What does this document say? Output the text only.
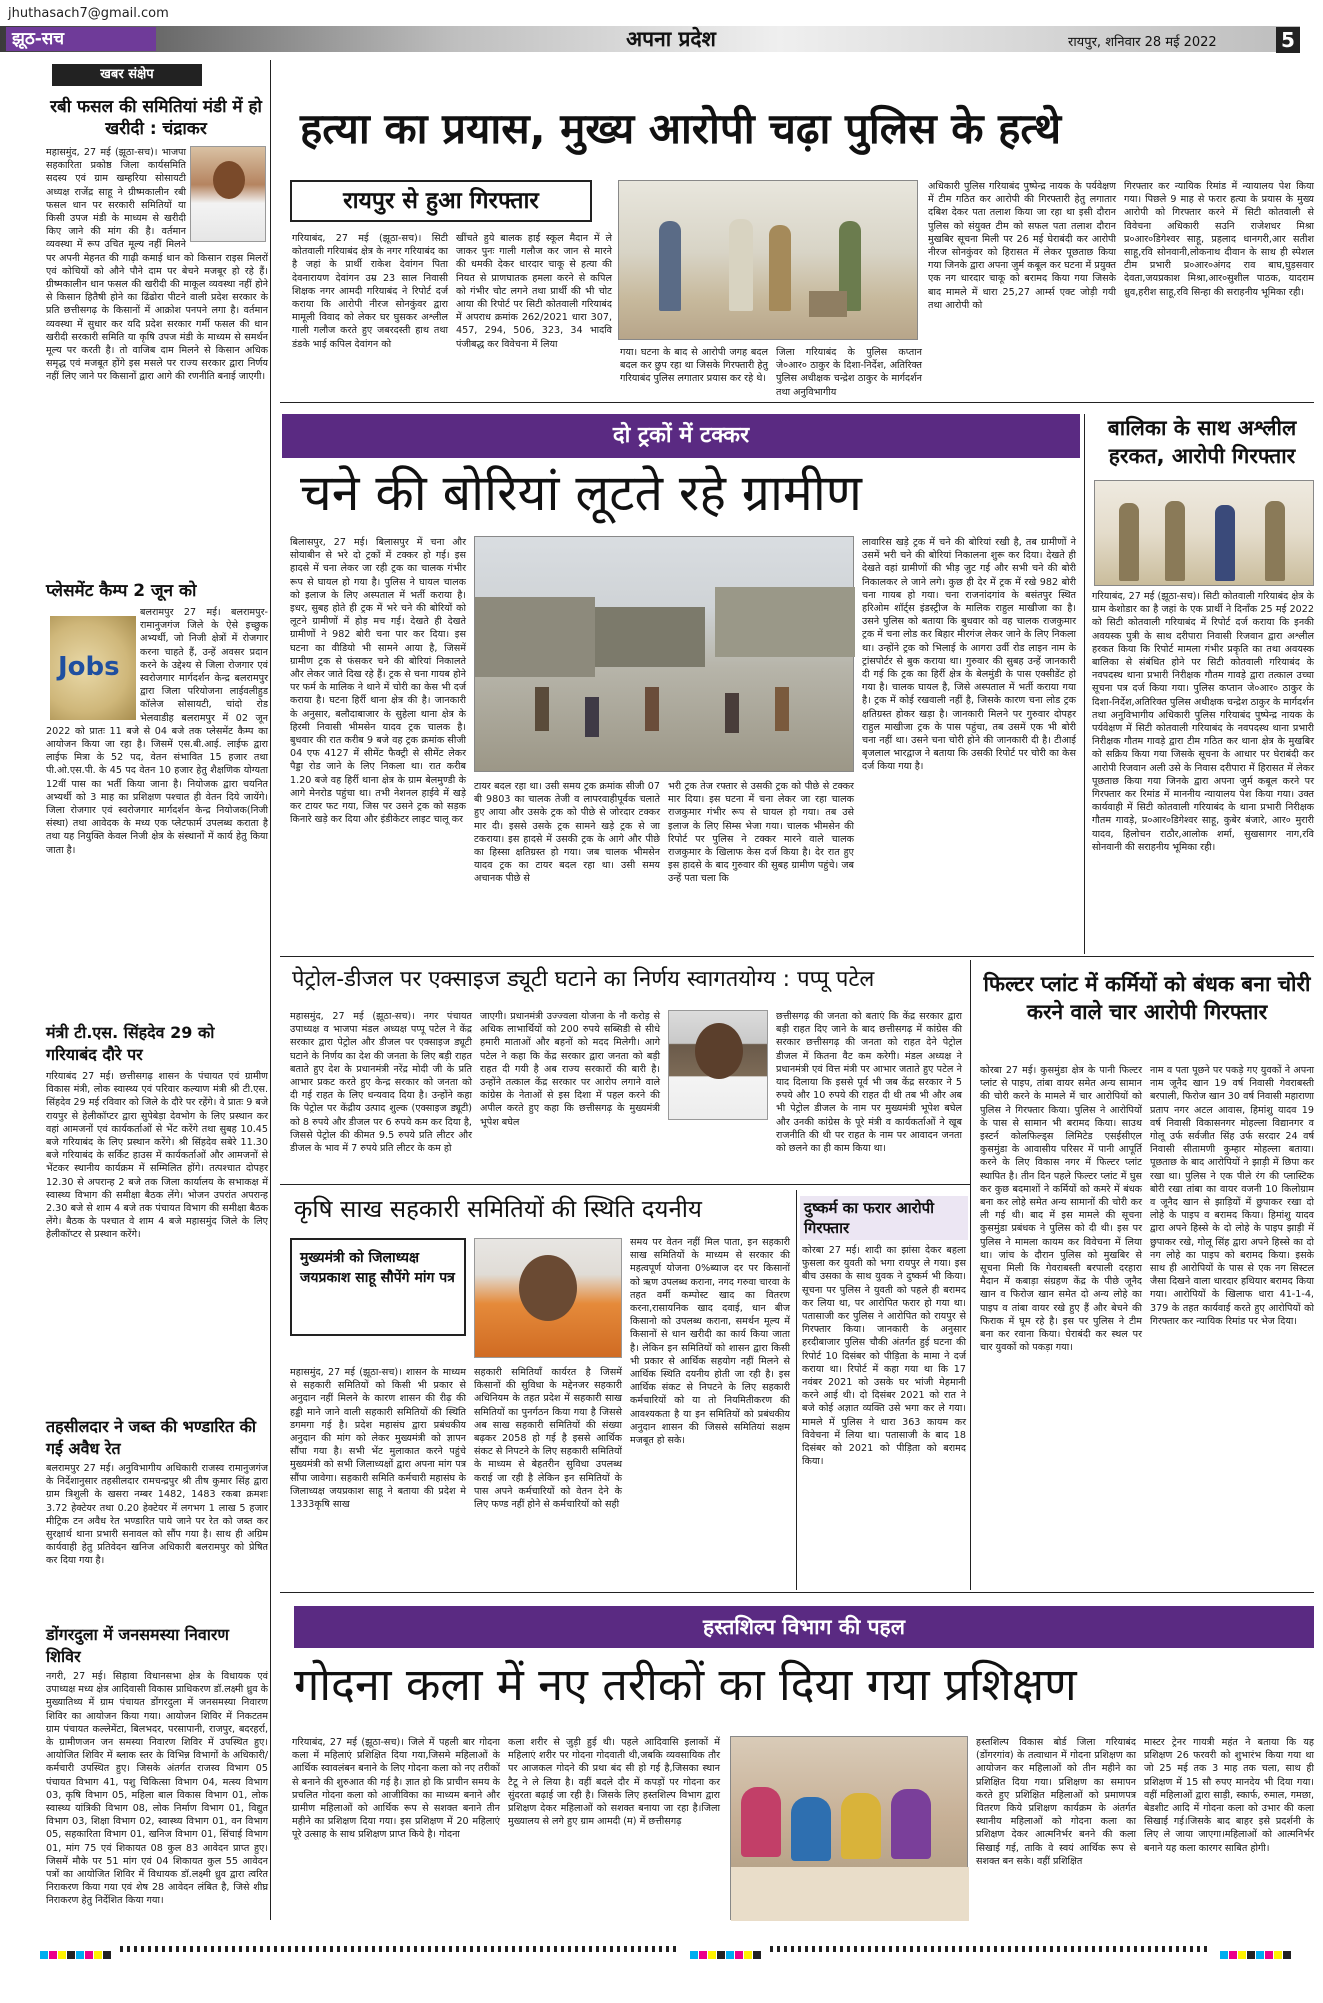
jhuthasach7@gmail.com
झूठ-सच	अपना प्रदेश	रायपुर, शनिवार 28 मई 2022	5
खबर संक्षेप
रबी फसल की समितियां मंडी में हो खरीदी : चंद्राकर
महासमुंद, 27 मई (झूठा-सच)। भाजपा सहकारिता प्रकोष्ठ जिला कार्यसमिति सदस्य एवं ग्राम खम्हरिया सोसायटी अध्यक्ष राजेंद्र साहू ने ग्रीष्मकालीन रबी फसल धान पर सरकारी समितियों या किसी उपज मंडी के माध्यम से खरीदी किए जाने की मांग की है। वर्तमान व्यवस्था में रूप उचित मूल्य नहीं मिलने पर अपनी मेहनत की गाढ़ी कमाई धान को किसान राइस मिलरों एवं कोचियों को औने पौने दाम पर बेचने मजबूर हो रहे हैं। ग्रीष्मकालीन धान फसल की खरीदी की माकूल व्यवस्था नहीं होने से किसान हितैषी होने का ढिंढोरा पीटने वाली प्रदेश सरकार के प्रति छत्तीसगढ़ के किसानों में आक्रोश पनपने लगा है। वर्तमान व्यवस्था में सुधार कर यदि प्रदेश सरकार गर्मी फसल की धान खरीदी सरकारी समिति या कृषि उपज मंडी के माध्यम से समर्थन मूल्य पर करती है। तो वाजिब दाम मिलने से किसान अधिक समृद्ध एवं मजबूत होंगे इस मसले पर राज्य सरकार द्वारा निर्णय नहीं लिए जाने पर किसानों द्वारा आगे की रणनीति बनाई जाएगी।
प्लेसमेंट कैम्प 2 जून को
Jobs
बलरामपुर 27 मई। बलरामपुर-रामानुजगंज जिले के ऐसे इच्छुक अभ्यर्थी, जो निजी क्षेत्रों में रोजगार करना चाहते हैं, उन्हें अवसर प्रदान करने के उद्देश्य से जिला रोजगार एवं स्वरोजगार मार्गदर्शन केन्द्र बलरामपुर द्वारा जिला परियोजना लाईवलीहुड कॉलेज सोसायटी, चांदो रोड भेलवाडीह बलरामपुर में 02 जून 2022 को प्रातः 11 बजे से 04 बजे तक प्लेसमेंट कैम्प का आयोजन किया जा रहा है। जिसमें एस.बी.आई. लाईफ द्वारा लाईफ मित्रा के 52 पद, वेतन संभावित 15 हजार तथा पी.ओ.एस.पी. के 45 पद वेतन 10 हजार हेतु शैक्षणिक योग्यता 12वीं पास का भर्ती किया जाना है। नियोजक द्वारा चयनित अभ्यर्थी को 3 माह का प्रशिक्षण पश्चात ही वेतन दिये जायेंगे। जिला रोजगार एवं स्वरोजगार मार्गदर्शन केन्द्र नियोजक(निजी संस्था) तथा आवेदक के मध्य एक प्लेटफार्म उपलब्ध कराता है तथा यह नियुक्ति केवल निजी क्षेत्र के संस्थानों में कार्य हेतु किया जाता है।
मंत्री टी.एस. सिंहदेव 29 को गरियाबंद दौरे पर
गरियाबंद 27 मई। छत्तीसगढ़ शासन के पंचायत एवं ग्रामीण विकास मंत्री, लोक स्वास्थ्य एवं परिवार कल्याण मंत्री श्री टी.एस. सिंहदेव 29 मई रविवार को जिले के दौरे पर रहेंगे। वे प्रातः 9 बजे रायपुर से हेलीकॉप्टर द्वारा सुपेबेड़ा देवभोग के लिए प्रस्थान कर वहां आमजनों एवं कार्यकर्ताओं से भेंट करेंगे तथा सुबह 10.45 बजे गरियाबंद के लिए प्रस्थान करेंगे। श्री सिंहदेव सबेरे 11.30 बजे गरियाबंद के सर्किट हाउस में कार्यकर्ताओं और आमजनों से भेंटकर स्थानीय कार्यक्रम में सम्मिलित होंगे। तत्पश्चात दोपहर 12.30 से अपरान्ह 2 बजे तक जिला कार्यालय के सभाकक्ष में स्वास्थ्य विभाग की समीक्षा बैठक लेंगे। भोजन उपरांत अपरान्ह 2.30 बजे से शाम 4 बजे तक पंचायत विभाग की समीक्षा बैठक लेंगे। बैठक के पश्चात वे शाम 4 बजे महासमुंद जिले के लिए हेलीकॉप्टर से प्रस्थान करेंगे।
तहसीलदार ने जब्त की भण्डारित की गई अवैध रेत
बलरामपुर 27 मई। अनुविभागीय अधिकारी राजस्व रामानुजगंज के निर्देशानुसार तहसीलदार रामचन्द्रपुर श्री तीष कुमार सिंह द्वारा ग्राम त्रिशुली के खसरा नम्बर 1482, 1483 रकबा क्रमशः 3.72 हेक्टेयर तथा 0.20 हेक्टेयर में लगभग 1 लाख 5 हजार मीट्रिक टन अवैध रेत भण्डारित पाये जाने पर रेत को जब्त कर सुरक्षार्थ थाना प्रभारी सनावल को सौंप गया है। साथ ही अग्रिम कार्यवाही हेतु प्रतिवेदन खनिज अधिकारी बलरामपुर को प्रेषित कर दिया गया है।
डोंगरदुला में जनसमस्या निवारण शिविर
नगरी, 27 मई। सिहावा विधानसभा क्षेत्र के विधायक एवं उपाध्यक्ष मध्य क्षेत्र आदिवासी विकास प्राधिकरण डॉ.लक्ष्मी ध्रुव के मुख्यातिथ्य में ग्राम पंचायत डोंगरदुला में जनसमस्या निवारण शिविर का आयोजन किया गया। आयोजन शिविर में निकटतम ग्राम पंचायत कल्लेमेंटा, बिलभदर, परसापानी, राजपुर, बदरहर्रा, के ग्रामीणजन जन समस्या निवारण शिविर में उपस्थित हुए। आयोजित शिविर में ब्लाक स्तर के विभिन्न विभागों के अधिकारी/कर्मचारी उपस्थित हुए। जिसके अंतर्गत राजस्व विभाग 05 पंचायत विभाग 41, पशु चिकित्सा विभाग 04, मत्स्य विभाग 03, कृषि विभाग 05, महिला बाल विकास विभाग 01, लोक स्वास्थ्य यांत्रिकी विभाग 08, लोक निर्माण विभाग 01, विद्युत विभाग 03, शिक्षा विभाग 02, स्वास्थ्य विभाग 01, वन विभाग 05, सहकारिता विभाग 01, खनिज विभाग 01, सिंचाई विभाग 01, मांग 75 एवं शिकायत 08 कुल 83 आवेदन प्राप्त हुए। जिसमें मौके पर 51 मांग एवं 04 शिकायत कुल 55 आवेदन पत्रों का आयोजित शिविर में विधायक डॉ.लक्ष्मी ध्रुव द्वारा त्वरित निराकरण किया गया एवं शेष 28 आवेदन लंबित है, जिसे शीघ्र निराकरण हेतु निर्देशित किया गया।
हत्या का प्रयास, मुख्य आरोपी चढ़ा पुलिस के हत्थे
रायपुर से हुआ गिरफ्तार
गरियाबंद, 27 मई (झूठा-सच)। सिटी कोतवाली गरियाबंद क्षेत्र के नगर गरियाबंद का है जहां के प्रार्थी राकेश देवांगन पिता देवनारायण देवांगन उम्र 23 साल निवासी शिक्षक नगर आमदी गरियाबंद ने रिपोर्ट दर्ज कराया कि आरोपी नीरज सोनकुंवर द्वारा मामूली विवाद को लेकर घर घुसकर अश्लील गाली गलौज करते हुए जबरदस्ती हाथ तथा डंडके भाई कपिल देवांगन को
खींचते हुये बालक हाई स्कूल मैदान में ले जाकर पुनः गाली गलौज कर जान से मारने की धमकी देकर धारदार चाकू से हत्या की नियत से प्राणघातक हमला करने से कपिल को गंभीर चोट लगने तथा प्रार्थी की भी चोट आया की रिपोर्ट पर सिटी कोतवाली गरियाबंद में अपराध क्रमांक 262/2021 धारा 307, 457, 294, 506, 323, 34 भादवि पंजीबद्ध कर विवेचना में लिया
गया। घटना के बाद से आरोपी जगह बदल बदल कर छुप रहा था जिसके गिरफ्तारी हेतु गरियाबंद पुलिस लगातार प्रयास कर रहे थे।
जिला गरियाबंद के पुलिस कप्तान जे०आर० ठाकुर के दिशा-निर्देश, अतिरिक्त पुलिस अधीक्षक चन्द्रेश ठाकुर के मार्गदर्शन तथा अनुविभागीय
अधिकारी पुलिस गरियाबंद पुष्पेन्द्र नायक के पर्यवेक्षण में टीम गठित कर आरोपी की गिरफ्तारी हेतु लगातार दबिश देकर पता तलाश किया जा रहा था इसी दौरान पुलिस को संयुक्त टीम को सफल पता तलाश दौरान मुखबिर सूचना मिली पर 26 मई घेराबंदी कर आरोपी नीरज सोनकुंवर को हिरासत में लेकर पूछताछ किया गया जिनके द्वारा अपना जुर्म कबूल कर घटना में प्रयुक्त एक नग धारदार चाकू को बरामद किया गया जिसके बाद मामले में धारा 25,27 आर्म्स एक्ट जोड़ी गयी तथा आरोपी को
गिरफ्तार कर न्यायिक रिमांड में न्यायालय पेश किया गया। पिछले 9 माह से फरार हत्या के प्रयास के मुख्य आरोपी को गिरफ्तार करने में सिटी कोतवाली से विवेचना अधिकारी सउनि राजेशधर मिश्रा प्र०आर०डिगेश्वर साहू, प्रहलाद धानगरी,आर सतीश साहू,रवि सोनवानी,लोकनाथ दीवान के साथ ही स्पेशल टीम प्रभारी प्र०आर०अंगद राव बाघ,घुड़सवार देवता,जयप्रकाश मिश्रा,आर०सुशील पाठक, यादराम ध्रुव,हरीश साहू,रवि सिन्हा की सराहनीय भूमिका रही।
दो ट्रकों में टक्कर
चने की बोरियां लूटते रहे ग्रामीण
बिलासपुर, 27 मई। बिलासपुर में चना और सोयाबीन से भरे दो ट्रकों में टक्कर हो गई। इस हादसे में चना लेकर जा रही ट्रक का चालक गंभीर रूप से घायल हो गया है। पुलिस ने घायल चालक को इलाज के लिए अस्पताल में भर्ती कराया है। इधर, सुबह होते ही ट्रक में भरे चने की बोरियों को लूटने ग्रामीणों में होड़ मच गई। देखते ही देखते ग्रामीणों ने 982 बोरी चना पार कर दिया। इस घटना का वीडियो भी सामने आया है, जिसमें ग्रामीण ट्रक से फंसकर चने की बोरियां निकालते और लेकर जाते दिख रहे हैं। ट्रक से चना गायब होने पर फर्म के मालिक ने थाने में चोरी का केस भी दर्ज कराया है। घटना हिर्री थाना क्षेत्र की है। जानकारी के अनुसार, बलौदाबाजार के सुहेला थाना क्षेत्र के हिरमी निवासी भीमसेन यादव ट्रक चालक है। बुधवार की रात करीब 9 बजे वह ट्रक क्रमांक सीजी 04 एफ 4127 में सीमेंट फैक्ट्री से सीमेंट लेकर पैड्डा रोड जाने के लिए निकला था। रात करीब 1.20 बजे वह हिर्री थाना क्षेत्र के ग्राम बेलमुण्डी के आगे मेनरोड पहुंचा था। तभी नेशनल हाईवे में खड़े कर टायर फट गया, जिस पर उसने ट्रक को सड़क किनारे खड़े कर दिया और इंडीकेटर लाइट चालू कर
टायर बदल रहा था। उसी समय ट्रक क्रमांक सीजी 07 बी 9803 का चालक तेजी व लापरवाहीपूर्वक चलाते हुए आया और उसके ट्रक को पीछे से जोरदार टक्कर मार दी। इससे उसके ट्रक सामने खड़े ट्रक से जा टकराया। इस हादसे में उसकी ट्रक के आगे और पीछे का हिस्सा क्षतिग्रस्त हो गया। जब चालक भीमसेन यादव ट्रक का टायर बदल रहा था। उसी समय अचानक पीछे से
भरी ट्रक तेज रफ्तार से उसकी ट्रक को पीछे से टक्कर मार दिया। इस घटना में चना लेकर जा रहा चालक राजकुमार गंभीर रूप से घायल हो गया। तब उसे इलाज के लिए सिम्स भेजा गया। चालक भीमसेन की रिपोर्ट पर पुलिस ने टक्कर मारने वाले चालक राजकुमार के खिलाफ केस दर्ज किया है। देर रात हुए इस हादसे के बाद गुरुवार की सुबह ग्रामीण पहुंचे। जब उन्हें पता चला कि
लावारिस खड़े ट्रक में चने की बोरियां रखी है, तब ग्रामीणों ने उसमें भरी चने की बोरियां निकालना शुरू कर दिया। देखते ही देखते वहां ग्रामीणों की भीड़ जुट गई और सभी चने की बोरी निकालकर ले जाने लगे। कुछ ही देर में ट्रक में रखे 982 बोरी चना गायब हो गया। चना राजनांदगांव के बसंतपुर स्थित हरिओम शॉर्ट्स इंडस्ट्रीज के मालिक राहुल माखीजा का है। उसने पुलिस को बताया कि बुधवार को वह चालक राजकुमार ट्रक में चना लोड कर बिहार मीरगंज लेकर जाने के लिए निकला था। उन्होंने ट्रक को भिलाई के आगरा उर्वी रोड लाइन नाम के ट्रांसपोर्टर से बुक कराया था। गुरुवार की सुबह उन्हें जानकारी दी गई कि ट्रक का हिर्री क्षेत्र के बेलमुंडी के पास एक्सीडेंट हो गया है। चालक घायल है, जिसे अस्पताल में भर्ती कराया गया है। ट्रक में कोई रखवाली नहीं है, जिसके कारण चना लोड ट्रक क्षतिग्रस्त होकर खड़ा है। जानकारी मिलने पर गुरुवार दोपहर राहुल माखीजा ट्रक के पास पहुंचा, तब उसमें एक भी बोरी चना नहीं था। उसने चना चोरी होने की जानकारी दी है। टीआई बृजलाल भारद्वाज ने बताया कि उसकी रिपोर्ट पर चोरी का केस दर्ज किया गया है।
बालिका के साथ अश्लील हरकत, आरोपी गिरफ्तार
गरियाबंद, 27 मई (झूठा-सच)। सिटी कोतवाली गरियाबंद क्षेत्र के ग्राम केशोडार का है जहां के एक प्रार्थी ने दिनाँक 25 मई 2022 को सिटी कोतवाली गरियाबंद में रिपोर्ट दर्ज कराया कि इनकी अवयस्क पुत्री के साथ दरीपारा निवासी रिजवान द्वारा अश्लील हरकत किया कि रिपोर्ट मामला गंभीर प्रकृति का तथा अवयस्क बालिका से संबंधित होने पर सिटी कोतवाली गरियाबंद के नवपदस्थ थाना प्रभारी निरीक्षक गौतम गावड़े द्वारा तत्काल उच्चा सूचना पत्र दर्ज किया गया। पुलिस कप्तान जे०आर० ठाकुर के दिशा-निर्देश,अतिरिक्त पुलिस अधीक्षक चन्द्रेश ठाकुर के मार्गदर्शन तथा अनुविभागीय अधिकारी पुलिस गरियाबंद पुष्पेन्द्र नायक के पर्यवेक्षण में सिटी कोतवाली गरियाबंद के नवपदस्थ थाना प्रभारी निरीक्षक गौतम गावड़े द्वारा टीम गठित कर थाना क्षेत्र के मुखबिर को सक्रिय किया गया जिसके सूचना के आधार पर घेराबंदी कर आरोपी रिजवान अली उसे के निवास दरीपारा में हिरासत में लेकर पूछताछ किया गया जिनके द्वारा अपना जुर्म कबूल करने पर गिरफ्तार कर रिमांड में माननीय न्यायालय पेश किया गया। उक्त कार्यवाही में सिटी कोतवाली गरियाबंद के थाना प्रभारी निरीक्षक गौतम गावड़े, प्र०आर०डिगेश्वर साहू, कुबेर बंजारे, आर० मुरारी यादव, हिलोचन राठौर,आलोक शर्मा, सुखसागर नाग,रवि सोनवानी की सराहनीय भूमिका रही।
पेट्रोल-डीजल पर एक्साइज ड्यूटी घटाने का निर्णय स्वागतयोग्य : पप्पू पटेल
महासमुंद, 27 मई (झूठा-सच)। नगर पंचायत उपाध्यक्ष व भाजपा मंडल अध्यक्ष पप्पू पटेल ने केंद्र सरकार द्वारा पेट्रोल और डीजल पर एक्साइज ड्यूटी घटाने के निर्णय का देश की जनता के लिए बड़ी राहत बताते हुए देश के प्रधानमंत्री नरेंद्र मोदी जी के प्रति आभार प्रकट करते हुए केन्द्र सरकार को जनता को दी गई राहत के लिए धन्यवाद दिया है। उन्होंने कहा कि पेट्रोल पर केंद्रीय उत्पाद शुल्क (एक्साइज ड्यूटी) को 8 रुपये और डीजल पर 6 रुपये कम कर दिया है, जिससे पेट्रोल की कीमत 9.5 रुपये प्रति लीटर और डीजल के भाव में 7 रुपये प्रति लीटर के कम हो
जाएगी। प्रधानमंत्री उज्ज्वला योजना के नौ करोड़ से अधिक लाभार्थियों को 200 रुपये सब्सिडी से सीधे हमारी माताओं और बहनों को मदद मिलेगी। आगे पटेल ने कहा कि केंद्र सरकार द्वारा जनता को बड़ी राहत दी गयी है अब राज्य सरकारों की बारी है। उन्होंने तत्काल केंद्र सरकार पर आरोप लगाने वाले कांग्रेस के नेताओं से इस दिशा में पहल करने की अपील करते हुए कहा कि छत्तीसगढ़ के मुख्यमंत्री भूपेश बघेल
छत्तीसगढ़ की जनता को बताएं कि केंद्र सरकार द्वारा बड़ी राहत दिए जाने के बाद छत्तीसगढ़ में कांग्रेस की सरकार छत्तीसगढ़ की जनता को राहत देने पेट्रोल डीजल में कितना वैट कम करेगी। मंडल अध्यक्ष ने प्रधानमंत्री एवं वित्त मंत्री पर आभार जताते हुए पटेल ने याद दिलाया कि इससे पूर्व भी जब केंद्र सरकार ने 5 रुपये और 10 रुपये की राहत दी थी तब भी और अब भी पेट्रोल डीजल के नाम पर मुख्यमंत्री भूपेश बघेल और उनकी कांग्रेस के पूरे मंत्री व कार्यकर्ताओं ने खूब राजनीति की थी पर राहत के नाम पर आवादन जनता को छलने का ही काम किया था।
फिल्टर प्लांट में कर्मियों को बंधक बना चोरी करने वाले चार आरोपी गिरफ्तार
कोरबा 27 मई। कुसमुंडा क्षेत्र के पानी फिल्टर प्लांट से पाइप, तांबा वायर समेत अन्य सामान की चोरी करने के मामले में चार आरोपियों को पुलिस ने गिरफ्तार किया। पुलिस ने आरोपियों के पास से सामान भी बरामद किया। साउथ इस्टर्न कोलफिल्ड्स लिमिटेड एसईसीएल कुसमुंडा के आवासीय परिसर में पानी आपूर्ति करने के लिए विकास नगर में फिल्टर प्लांट स्थापित है। तीन दिन पहले फिल्टर प्लांट में घुस कर कुछ बदमाशों ने कर्मियों को कमरे में बंधक बना कर लोहे समेत अन्य सामानों की चोरी कर ली गई थी। बाद में इस मामले की सूचना कुसमुंडा प्रबंधक ने पुलिस को दी थी। इस पर पुलिस ने मामला कायम कर विवेचना में लिया था। जांच के दौरान पुलिस को मुखबिर से सूचना मिली कि गेवराबस्ती बरपाली दरहारा मैदान में कबाड़ा संग्रहण केंद्र के पीछे जूनैद खान व फिरोज खान समेत दो अन्य लोहे का पाइप व तांबा वायर रखे हुए हैं और बेचने की फिराक में घूम रहे है। इस पर पुलिस ने टीम बना कर रवाना किया। घेराबंदी कर स्थल पर चार युवकों को पकड़ा गया।
नाम व पता पूछने पर पकड़े गए युवकों ने अपना नाम जूनैद खान 19 वर्ष निवासी गेवराबस्ती बरपाली, फिरोज खान 30 वर्ष निवासी महाराणा प्रताप नगर अटल आवास, हिमांशु यादव 19 वर्ष निवासी विकासनगर मोहल्ला विद्यानगर व गोलू उर्फ सर्वजीत सिंह उर्फ सरदार 24 वर्ष निवासी सीतामणी कुम्हार मोहल्ला बताया। पूछताछ के बाद आरोपियों ने झाड़ी में छिपा कर रखा था। पुलिस ने एक पीले रंग की प्लास्टिक बोरी रखा तांबा का वायर वजनी 10 किलोग्राम व जूनैद खान से झाड़ियों में छुपाकर रखा दो लोहे के पाइप व बरामद किया। हिमांशु यादव द्वारा अपने हिस्से के दो लोहे के पाइप झाड़ी में छुपाकर रखे, गोलू सिंह द्वारा अपने हिस्से का दो नग लोहे का पाइप को बरामद किया। इसके साथ ही आरोपियों के पास से एक नग सिस्टल जैसा दिखने वाला धारदार हथियार बरामद किया गया। आरोपियों के खिलाफ धारा 41-1-4, 379 के तहत कार्यवाई करते हुए आरोपियों को गिरफ्तार कर न्यायिक रिमांड पर भेज दिया।
कृषि साख सहकारी समितियों की स्थिति दयनीय
मुख्यमंत्री को जिलाध्यक्ष जयप्रकाश साहू सौपेंगे मांग पत्र
महासमुंद, 27 मई (झूठा-सच)। शासन के माध्यम से सहकारी समितियों को किसी भी प्रकार से अनुदान नहीं मिलने के कारण शासन की रीढ़ की हड्डी माने जाने वाली सहकारी समितियों की स्थिति डगमगा गई है। प्रदेश महासंघ द्वारा प्रबंधकीय अनुदान की मांग को लेकर मुख्यमंत्री को ज्ञापन सौंपा गया है। सभी भेंट मुलाकात करने पहुंचे मुख्यमंत्री को सभी जिलाध्यक्षों द्वारा अपना मांग पत्र सौंपा जावेगा। सहकारी समिति कर्मचारी महासंघ के जिलाध्यक्ष जयप्रकाश साहू ने बताया की प्रदेश मे 1333कृषि साख
सहकारी समितियाँ कार्यरत है जिसमें किसानों की सुविधा के मद्देनजर सहकारी अधिनियम के तहत प्रदेश में सहकारी साख समितियों का पुनर्गठन किया गया है जिससे अब साख सहकारी समितियों की संख्या बढ़कर 2058 हो गई है इससे आर्थिक संकट से निपटने के लिए सहकारी समितियों के माध्यम से बेहतरीन सुविधा उपलब्ध कराई जा रही है लेकिन इन समितियों के पास अपने कर्मचारियों को वेतन देने के लिए फण्ड नहीं होने से कर्मचारियों को सही
समय पर वेतन नहीं मिल पाता, इन सहकारी साख समितियों के माध्यम से सरकार की महत्वपूर्ण योजना 0%ब्याज दर पर किसानों को ऋण उपलब्ध कराना, नगद गरुवा चारवा के तहत वर्मी कम्पोस्ट खाद का वितरण करना,रासायनिक खाद दवाई, धान बीज किसानो को उपलब्ध कराना, समर्थन मूल्य में किसानों से धान खरीदी का कार्य किया जाता है। लेकिन इन समितियों को शासन द्वारा किसी भी प्रकार से आर्थिक सहयोग नहीं मिलने से आर्थिक स्थिति दयनीय होती जा रही है। इस आर्थिक संकट से निपटने के लिए सहकारी कर्मचारियों को या तो नियमितीकरण की आवश्यकता है या इन समितियों को प्रबंधकीय अनुदान शासन की जिससे समितियां सक्षम मजबूत हो सके।
दुष्कर्म का फरार आरोपी गिरफ्तार
कोरबा 27 मई। शादी का झांसा देकर बहला फुसला कर युवती को भगा रायपुर ले गया। इस बीच उसका के साथ युवक ने दुष्कर्म भी किया। सूचना पर पुलिस ने युवती को पहले ही बरामद कर लिया था, पर आरोपित फरार हो गया था। पतासाजी कर पुलिस ने आरोपित को रायपुर से गिरफ्तार किया। जानकारी के अनुसार हरदीबाजार पुलिस चौकी अंतर्गत हुई घटना की रिपोर्ट 10 दिसंबर को पीड़िता के मामा ने दर्ज कराया था। रिपोर्ट में कहा गया था कि 17 नवंबर 2021 को उसके घर भांजी मेहमानी करने आई थी। दो दिसंबर 2021 को रात ने बजे कोई अज्ञात व्यक्ति उसे भगा कर ले गया। मामले में पुलिस ने धारा 363 कायम कर विवेचना में लिया था। पतासाजी के बाद 18 दिसंबर को 2021 को पीड़िता को बरामद किया।
हस्तशिल्प विभाग की पहल
गोदना कला में नए तरीकों का दिया गया प्रशिक्षण
गरियाबंद, 27 मई (झूठा-सच)। जिले में पहली बार गोदना कला में महिलाएं प्रशिक्षित दिया गया,जिसमे महिलाओं के आर्थिक स्वावलंबन बनाने के लिए गोदना कला को नए तरीकों से बनाने की शुरुआत की गई है। ज्ञात हो कि प्राचीन समय के प्रचलित गोदना कला को आजीविका का माध्यम बनाने और ग्रामीण महिलाओं को आर्थिक रूप से सशक्त बनाने तीन महीने का प्रशिक्षण दिया गया। इस प्रशिक्षण में 20 महिलाएं पूरे उत्साह के साथ प्रशिक्षण प्राप्त किये है। गोदना
कला शरीर से जुड़ी हुई थी। पहले आदिवासि इलाकों में महिलाएं शरीर पर गोदना गोदवाती थी,जबकि व्यवसायिक तौर पर आजकल गोदने की प्रथा बंद सी हो गई है,जिसका स्थान टैटू ने ले लिया है। वहीं बदले दौर में कपड़ों पर गोदना कर सुंदरता बढ़ाई जा रही है। जिसके लिए हस्तशिल्प विभाग द्वारा प्रशिक्षण देकर महिलाओं को सशक्त बनाया जा रहा है।जिला मुख्यालय से लगे हुए ग्राम आमदी (म) में छत्तीसगढ़
हस्तशिल्प विकास बोर्ड जिला गरियाबंद (डोंगरगांव) के तत्वाधान में गोदना प्रशिक्षण का आयोजन कर महिलाओं को तीन महीने का प्रशिक्षित दिया गया। प्रशिक्षण का समापन करते हुए प्रशिक्षित महिलाओं को प्रमाणपत्र वितरण किये प्रशिक्षण कार्यक्रम के अंतर्गत स्थानीय महिलाओं को गोदना कला का प्रशिक्षण देकर आत्मनिर्भर बनने की कला सिखाई गई, ताकि वे स्वयं आर्थिक रूप से सशक्त बन सके। वहीं प्रशिक्षित
मास्टर ट्रेनर गायत्री महंत ने बताया कि यह प्रशिक्षण 26 फरवरी को शुभारंभ किया गया था जो 25 मई तक 3 माह तक चला, साथ ही प्रशिक्षण में 15 सौ रुपए मानदेय भी दिया गया।वहीं महिलाओं द्वारा साड़ी, स्कार्फ, रुमाल, गमछा, बेडशीट आदि में गोदना कला को उभार की कला सिखाई गई।जिसके बाद बाहर इसे प्रदर्शनी के लिए ले जाया जाएगा।महिलाओं को आत्मनिर्भर बनाने यह कला कारगर साबित होगी।
